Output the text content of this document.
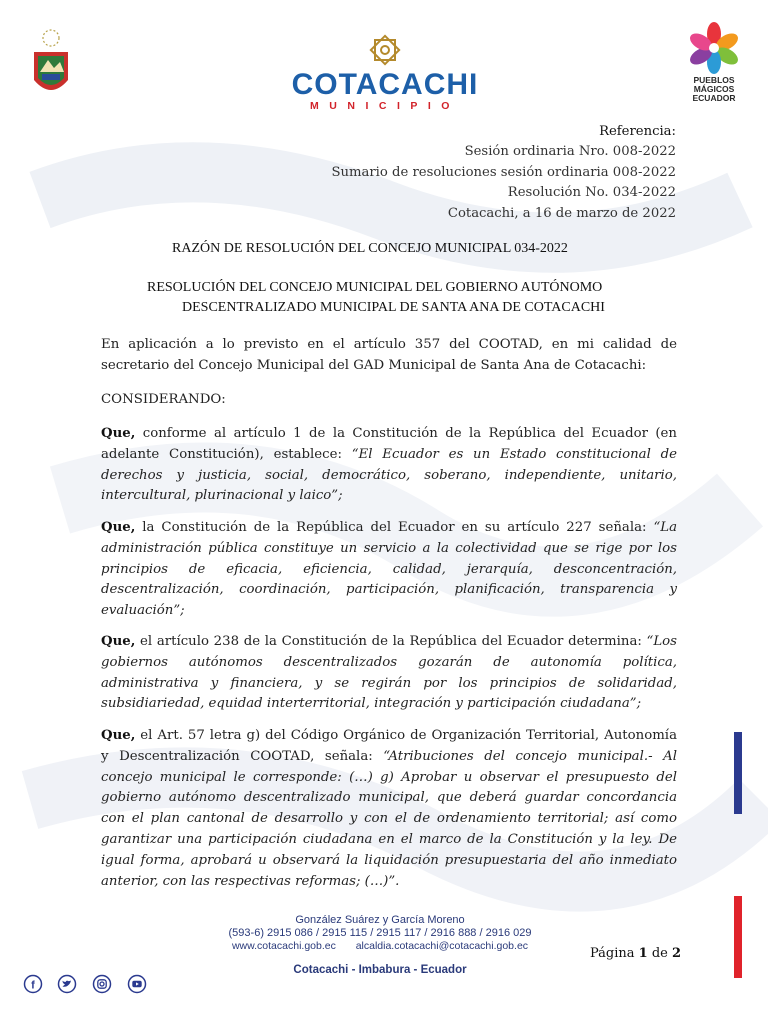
COTACACHI
MUNICIPIO
PUEBLOS
MÁGICOS
ECUADOR
Referencia:
Sesión ordinaria Nro. 008-2022
Sumario de resoluciones sesión ordinaria 008-2022
Resolución No. 034-2022
Cotacachi, a 16 de marzo de 2022
RAZÓN DE RESOLUCIÓN DEL CONCEJO MUNICIPAL 034-2022
RESOLUCIÓN DEL CONCEJO MUNICIPAL DEL GOBIERNO AUTÓNOMO
DESCENTRALIZADO MUNICIPAL DE SANTA ANA DE COTACACHI
En aplicación a lo previsto en el artículo 357 del COOTAD, en mi calidad de secretario del Concejo Municipal del GAD Municipal de Santa Ana de Cotacachi:
CONSIDERANDO:
Que, conforme al artículo 1 de la Constitución de la República del Ecuador (en adelante Constitución), establece: “El Ecuador es un Estado constitucional de derechos y justicia, social, democrático, soberano, independiente, unitario, intercultural, plurinacional y laico”;
Que, la Constitución de la República del Ecuador en su artículo 227 señala: “La administración pública constituye un servicio a la colectividad que se rige por los principios de eficacia, eficiencia, calidad, jerarquía, desconcentración, descentralización, coordinación, participación, planificación, transparencia y evaluación”;
Que, el artículo 238 de la Constitución de la República del Ecuador determina: “Los gobiernos autónomos descentralizados gozarán de autonomía política, administrativa y financiera, y se regirán por los principios de solidaridad, subsidiariedad, equidad interterritorial, integración y participación ciudadana”;
Que, el Art. 57 letra g) del Código Orgánico de Organización Territorial, Autonomía y Descentralización COOTAD, señala: “Atribuciones del concejo municipal.- Al concejo municipal le corresponde: (…) g) Aprobar u observar el presupuesto del gobierno autónomo descentralizado municipal, que deberá guardar concordancia con el plan cantonal de desarrollo y con el de ordenamiento territorial; así como garantizar una participación ciudadana en el marco de la Constitución y la ley. De igual forma, aprobará u observará la liquidación presupuestaria del año inmediato anterior, con las respectivas reformas; (…)”.
González Suárez y García Moreno
(593-6) 2915 086 / 2915 115 / 2915 117 / 2916 888 / 2916 029
www.cotacachi.gob.ec alcaldia.cotacachi@cotacachi.gob.ec
Cotacachi - Imbabura - Ecuador
Página 1 de 2
f
